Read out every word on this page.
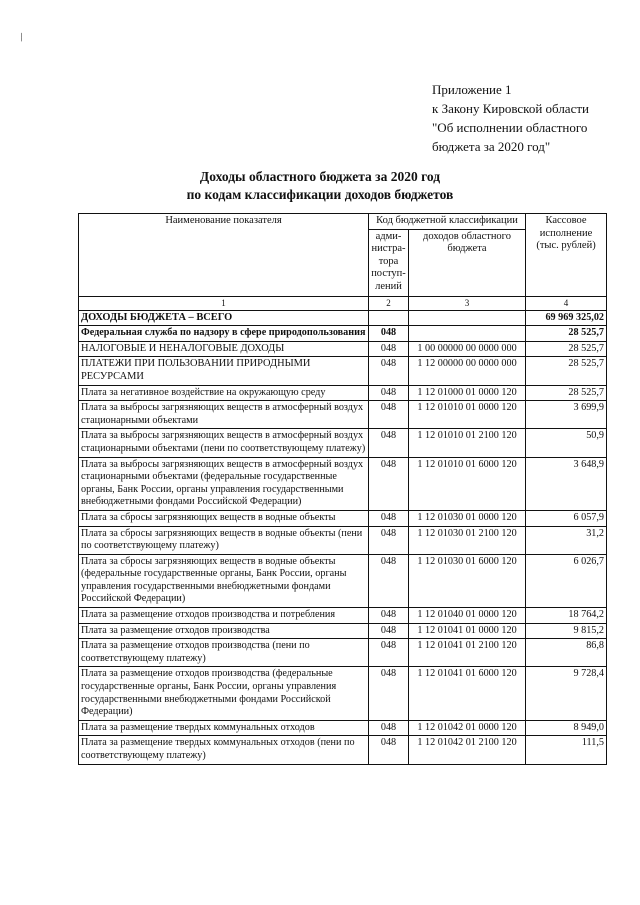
/
Приложение 1
к Закону Кировской области
"Об исполнении областного
бюджета за 2020 год"
Доходы областного бюджета за 2020 год
по кодам классификации доходов бюджетов
Наименование показателя	Код бюджетной классификации		Кассовое исполнение (тыс. рублей)
	адми-нистра-тора поступ-лений	доходов областного бюджета	
1	2	3	4
ДОХОДЫ БЮДЖЕТА – ВСЕГО			69 969 325,02
Федеральная служба по надзору в сфере природопользования	048		28 525,7
НАЛОГОВЫЕ И НЕНАЛОГОВЫЕ ДОХОДЫ	048	1 00 00000 00 0000 000	28 525,7
ПЛАТЕЖИ ПРИ ПОЛЬЗОВАНИИ ПРИРОДНЫМИ РЕСУРСАМИ	048	1 12 00000 00 0000 000	28 525,7
Плата за негативное воздействие на окружающую среду	048	1 12 01000 01 0000 120	28 525,7
Плата за выбросы загрязняющих веществ в атмосферный воздух стационарными объектами	048	1 12 01010 01 0000 120	3 699,9
Плата за выбросы загрязняющих веществ в атмосферный воздух стационарными объектами (пени по соответствующему платежу)	048	1 12 01010 01 2100 120	50,9
Плата за выбросы загрязняющих веществ в атмосферный воздух стационарными объектами (федеральные государственные органы, Банк России, органы управления государственными внебюджетными фондами Российской Федерации)	048	1 12 01010 01 6000 120	3 648,9
Плата за сбросы загрязняющих веществ в водные объекты	048	1 12 01030 01 0000 120	6 057,9
Плата за сбросы загрязняющих веществ в водные объекты (пени по соответствующему платежу)	048	1 12 01030 01 2100 120	31,2
Плата за сбросы загрязняющих веществ в водные объекты (федеральные государственные органы, Банк России, органы управления государственными внебюджетными фондами Российской Федерации)	048	1 12 01030 01 6000 120	6 026,7
Плата за размещение отходов производства и потребления	048	1 12 01040 01 0000 120	18 764,2
Плата за размещение отходов производства	048	1 12 01041 01 0000 120	9 815,2
Плата за размещение отходов производства (пени по соответствующему платежу)	048	1 12 01041 01 2100 120	86,8
Плата за размещение отходов производства (федеральные государственные органы, Банк России, органы управления государственными внебюджетными фондами Российской Федерации)	048	1 12 01041 01 6000 120	9 728,4
Плата за размещение твердых коммунальных отходов	048	1 12 01042 01 0000 120	8 949,0
Плата за размещение твердых коммунальных отходов (пени по соответствующему платежу)	048	1 12 01042 01 2100 120	111,5
